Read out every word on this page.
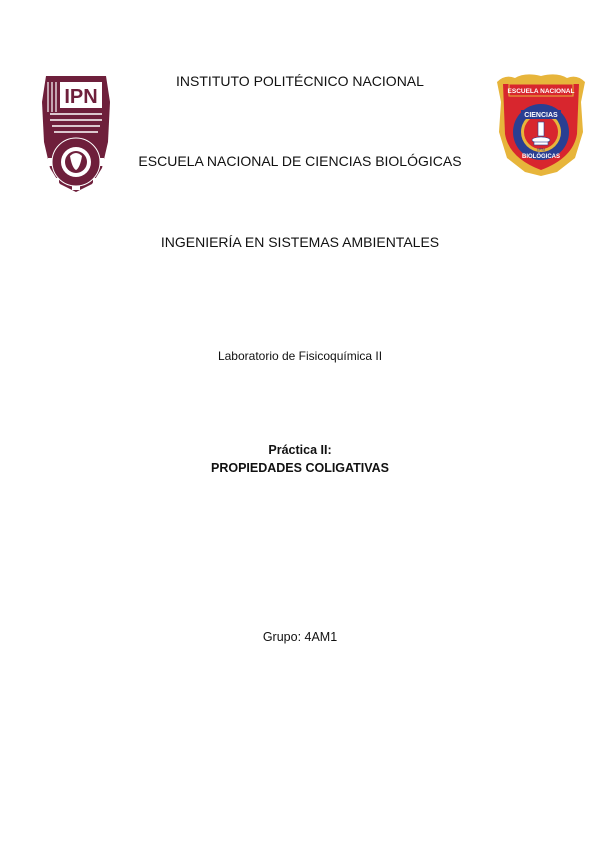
IPN	ESCUELA NACIONAL
CIENCIAS
BIOLÓGICAS
IPN
INSTITUTO POLITÉCNICO NACIONAL
ESCUELA NACIONAL DE CIENCIAS BIOLÓGICAS
INGENIERÍA EN SISTEMAS AMBIENTALES
Laboratorio de Fisicoquímica II
Práctica II:
PROPIEDADES COLIGATIVAS
Grupo: 4AM1
